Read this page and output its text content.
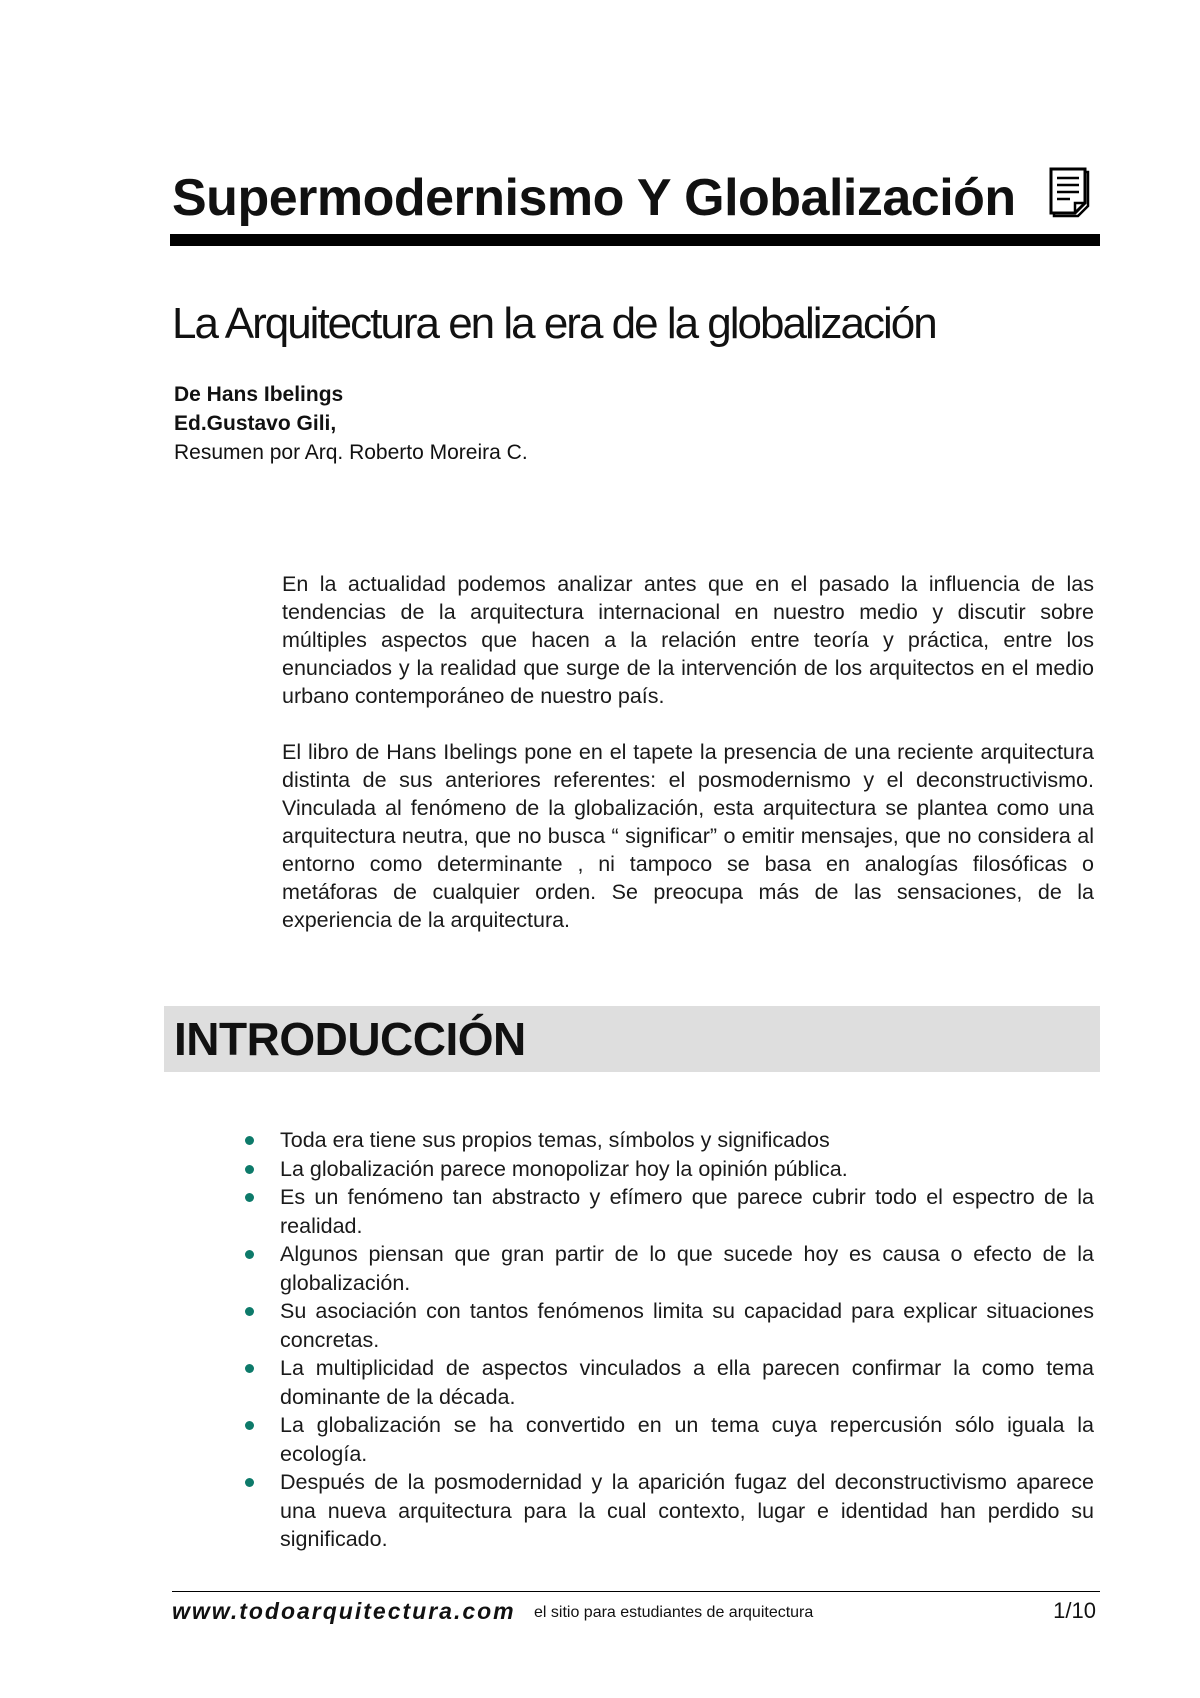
Supermodernismo Y Globalización
La Arquitectura en la era de la globalización
De Hans Ibelings
Ed.Gustavo Gili,
Resumen por Arq. Roberto Moreira C.

En la actualidad podemos analizar antes que en el pasado la influencia de las tendencias de la arquitectura internacional en nuestro medio y discutir sobre múltiples aspectos que hacen a la relación entre teoría y práctica, entre los enunciados y la realidad que surge de la intervención de los arquitectos en el medio urbano contemporáneo de nuestro país.

El libro de Hans Ibelings pone en el tapete la presencia de una reciente arquitectura distinta de sus anteriores referentes: el posmodernismo y el deconstructivismo. Vinculada al fenómeno de la globalización, esta arquitectura se plantea como una arquitectura neutra, que no busca “ significar” o emitir mensajes, que no considera al entorno como determinante , ni tampoco se basa en analogías filosóficas o metáforas de cualquier orden. Se preocupa más de las sensaciones, de la experiencia de la arquitectura.

INTRODUCCIÓN
Toda era tiene sus propios temas, símbolos y significados
La globalización parece monopolizar hoy la opinión pública.
Es un fenómeno tan abstracto y efímero que parece cubrir todo el espectro de la realidad.
Algunos piensan que gran partir de lo que sucede hoy es causa o efecto de la globalización.
Su asociación con tantos fenómenos limita su capacidad para explicar situaciones concretas.
La multiplicidad de aspectos vinculados a ella parecen confirmar la como tema dominante de la década.
La globalización se ha convertido en un tema cuya repercusión sólo iguala la ecología.
Después de la posmodernidad y la aparición fugaz del deconstructivismo aparece una nueva arquitectura para la cual contexto, lugar e identidad han perdido su significado.
www.todoarquitectura.com el sitio para estudiantes de arquitectura	1/10
